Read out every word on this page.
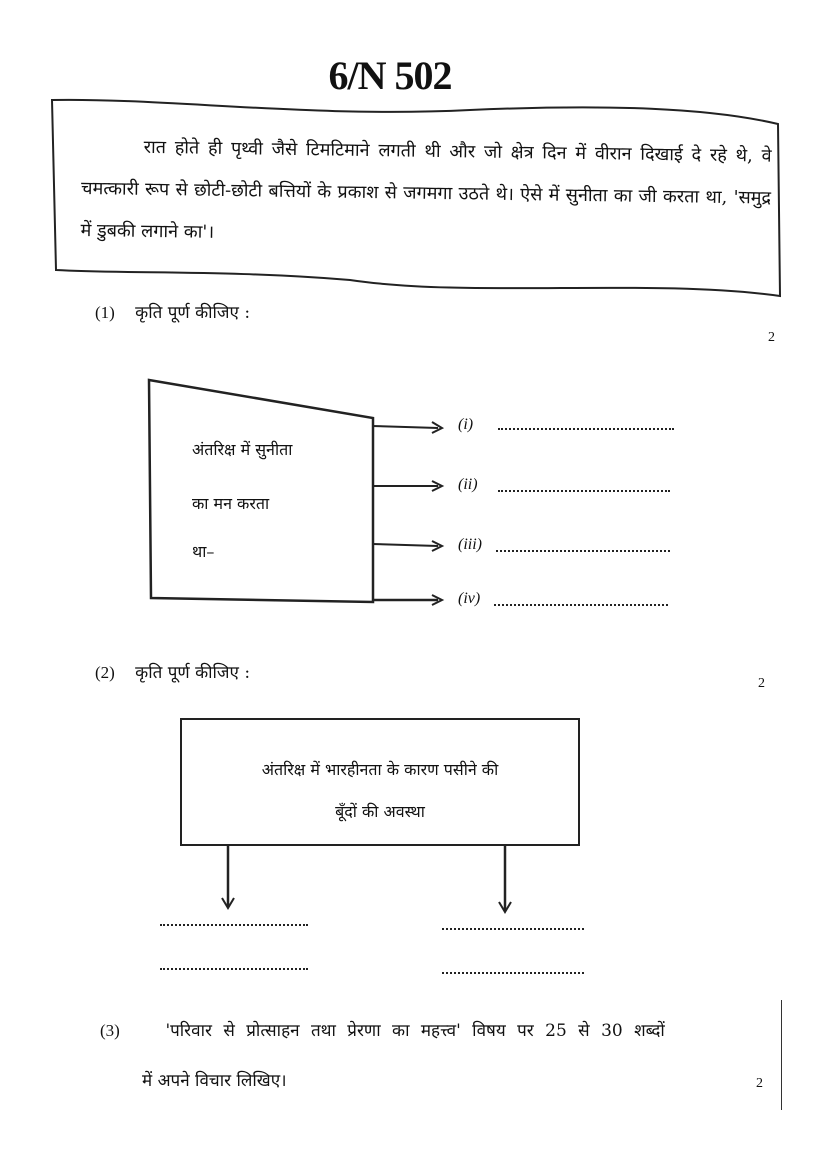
6/N 502
रात होते ही पृथ्वी जैसे टिमटिमाने लगती थी और जो क्षेत्र दिन में वीरान दिखाई दे रहे थे, वे चमत्कारी रूप से छोटी-छोटी बत्तियों के प्रकाश से जगमगा उठते थे। ऐसे में सुनीता का जी करता था, 'समुद्र में डुबकी लगाने का'।
(1) कृति पूर्ण कीजिए :
2
अंतरिक्ष में सुनीता
का मन करता
था–
(i)
(ii)
(iii)
(iv)
(2) कृति पूर्ण कीजिए :
2
अंतरिक्ष में भारहीनता के कारण पसीने की
बूँदों की अवस्था
(3)	'परिवार से प्रोत्साहन तथा प्रेरणा का महत्त्व' विषय पर 25 से 30 शब्दों
में अपने विचार लिखिए।	2
